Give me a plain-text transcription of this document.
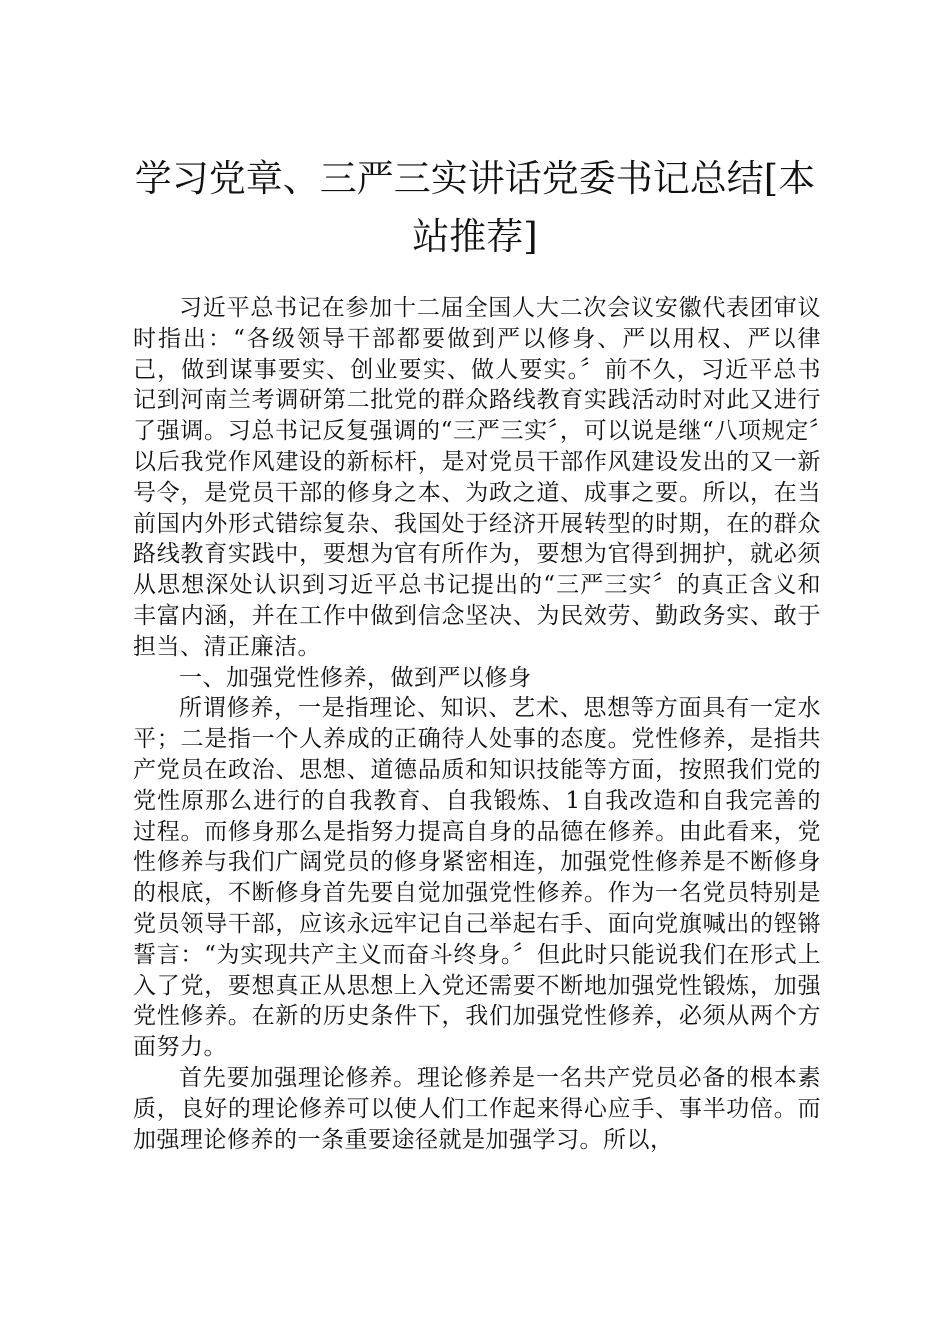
学习党章、三严三实讲话党委书记总结[本站推荐]

习近平总书记在参加十二届全国人大二次会议安徽代表团审议时指出：“各级领导干部都要做到严以修身、严以用权、严以律己，做到谋事要实、创业要实、做人要实。〞前不久，习近平总书记到河南兰考调研第二批党的群众路线教育实践活动时对此又进行了强调。习总书记反复强调的“三严三实〞，可以说是继“八项规定〞以后我党作风建设的新标杆，是对党员干部作风建设发出的又一新号令，是党员干部的修身之本、为政之道、成事之要。所以，在当前国内外形式错综复杂、我国处于经济开展转型的时期，在的群众路线教育实践中，要想为官有所作为，要想为官得到拥护，就必须从思想深处认识到习近平总书记提出的“三严三实〞的真正含义和丰富内涵，并在工作中做到信念坚决、为民效劳、勤政务实、敢于担当、清正廉洁。

一、加强党性修养，做到严以修身

所谓修养，一是指理论、知识、艺术、思想等方面具有一定水平；二是指一个人养成的正确待人处事的态度。党性修养，是指共产党员在政治、思想、道德品质和知识技能等方面，按照我们党的党性原那么进行的自我教育、自我锻炼、1自我改造和自我完善的过程。而修身那么是指努力提高自身的品德在修养。由此看来，党性修养与我们广阔党员的修身紧密相连，加强党性修养是不断修身的根底，不断修身首先要自觉加强党性修养。作为一名党员特别是党员领导干部，应该永远牢记自己举起右手、面向党旗喊出的铿锵誓言：“为实现共产主义而奋斗终身。〞但此时只能说我们在形式上入了党，要想真正从思想上入党还需要不断地加强党性锻炼，加强党性修养。在新的历史条件下，我们加强党性修养，必须从两个方面努力。

首先要加强理论修养。理论修养是一名共产党员必备的根本素质，良好的理论修养可以使人们工作起来得心应手、事半功倍。而加强理论修养的一条重要途径就是加强学习。所以，
